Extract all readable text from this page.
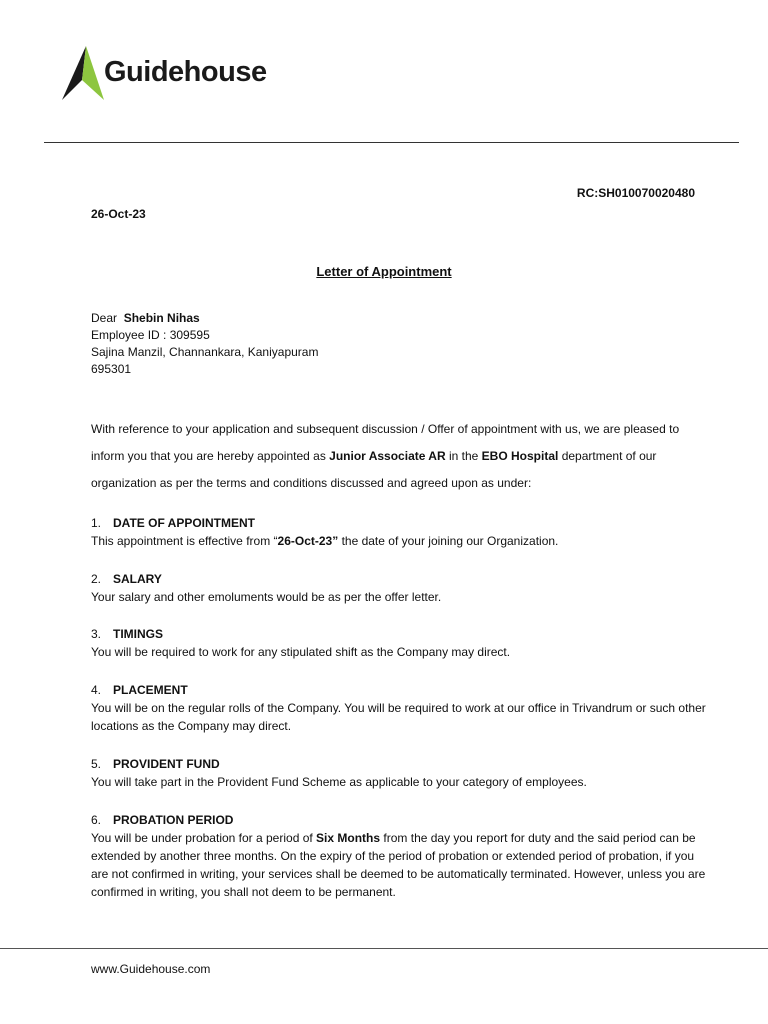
Guidehouse
RC:SH010070020480
26-Oct-23
Letter of Appointment
Dear Shebin Nihas
Employee ID : 309595
Sajina Manzil, Channankara, Kaniyapuram
695301
With reference to your application and subsequent discussion / Offer of appointment with us, we are pleased to inform you that you are hereby appointed as Junior Associate AR in the EBO Hospital department of our organization as per the terms and conditions discussed and agreed upon as under:
1. DATE OF APPOINTMENT
This appointment is effective from “26-Oct-23” the date of your joining our Organization.
2. SALARY
Your salary and other emoluments would be as per the offer letter.
3. TIMINGS
You will be required to work for any stipulated shift as the Company may direct.
4. PLACEMENT
You will be on the regular rolls of the Company. You will be required to work at our office in Trivandrum or such other locations as the Company may direct.
5. PROVIDENT FUND
You will take part in the Provident Fund Scheme as applicable to your category of employees.
6. PROBATION PERIOD
You will be under probation for a period of Six Months from the day you report for duty and the said period can be extended by another three months. On the expiry of the period of probation or extended period of probation, if you are not confirmed in writing, your services shall be deemed to be automatically terminated. However, unless you are confirmed in writing, you shall not deem to be permanent.
www.Guidehouse.com
